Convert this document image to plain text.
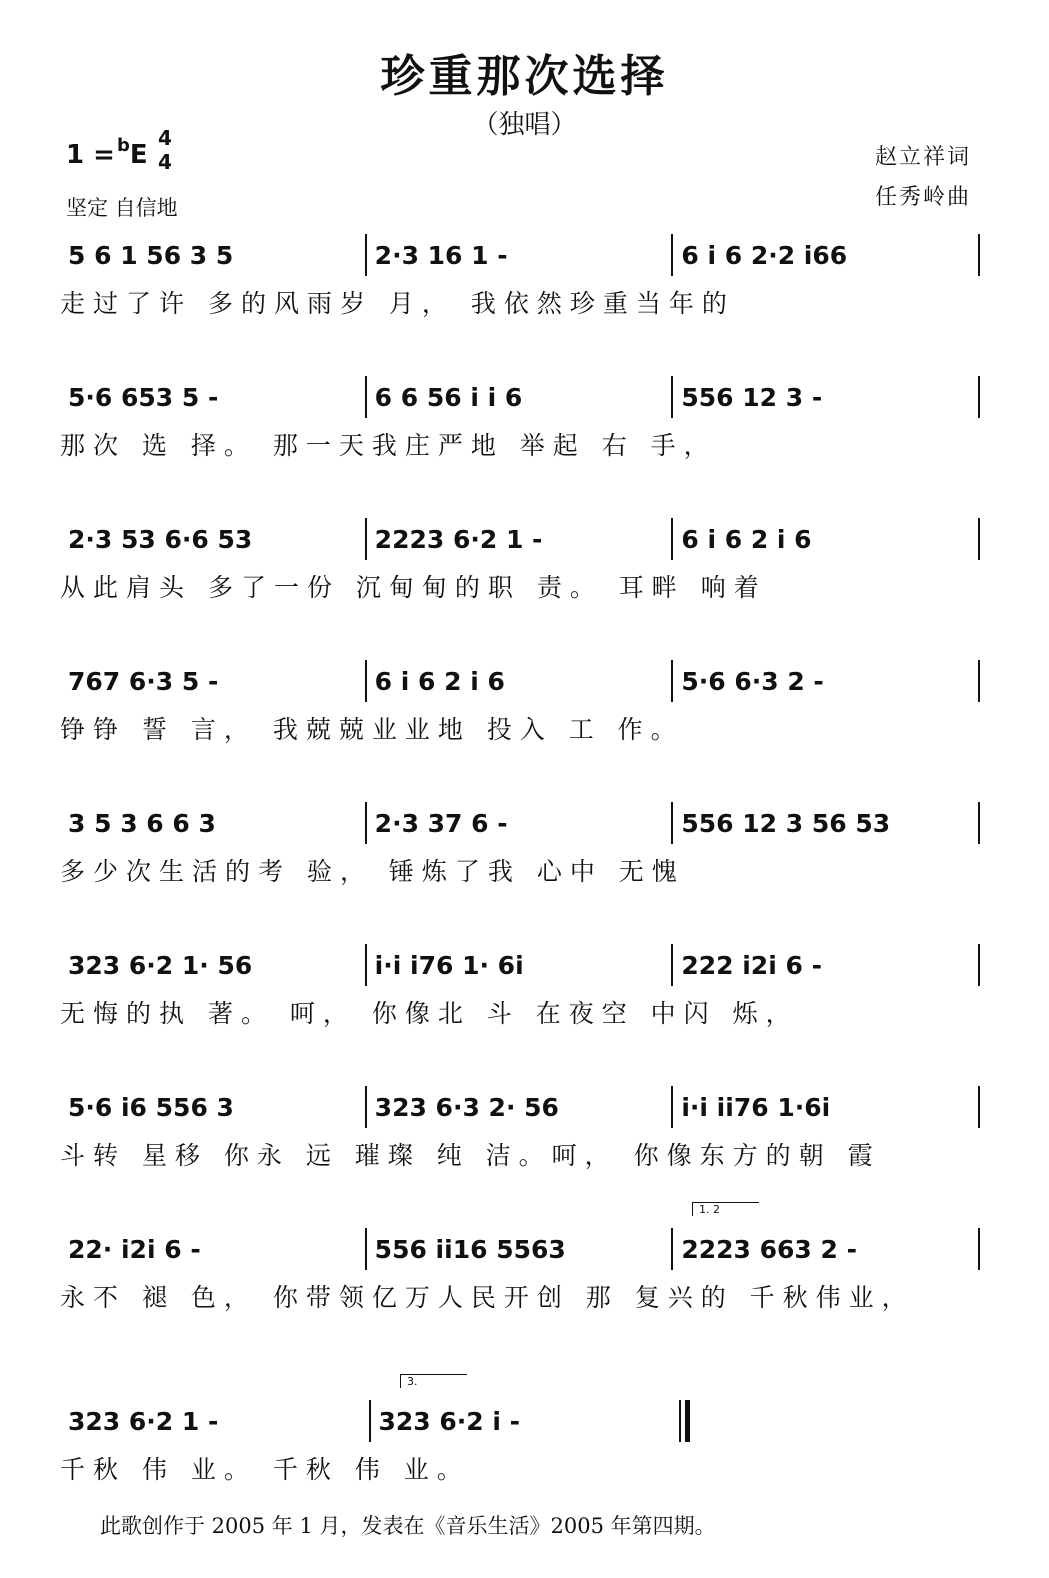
珍重那次选择
（独唱）
1 = $^b$E
4
4
坚定 自信地
赵立祥词
任秀岭曲
5 6 1 56 3 5	2·3 16 1 -	6 i 6 2·2 i66
走过了许 多的风雨岁 月， 我依然珍重当年的
5·6 653 5 -	6 6 56 i i 6	556 12 3 -
那次 选 择。 那一天我庄严地 举起 右 手，
2·3 53 6·6 53	2223 6·2 1 -	6 i 6 2 i 6
从此肩头 多了一份 沉甸甸的职 责。 耳畔 响着
767 6·3 5 -	6 i 6 2 i 6	5·6 6·3 2 -
铮铮 誓 言， 我兢兢业业地 投入 工 作。
3 5 3 6 6 3	2·3 37 6 -	556 12 3 56 53
多少次生活的考 验， 锤炼了我 心中 无愧
323 6·2 1· 56	i·i i76 1· 6i	222 i2i 6 -
无悔的执 著。 呵， 你像北 斗 在夜空 中闪 烁，
5·6 i6 556 3	323 6·3 2· 56	i·i ii76 1·6i
斗转 星移 你永 远 璀璨 纯 洁。呵， 你像东方的朝 霞
22· i2i 6 -	556 ii16 5563	2223 663 2 -
1. 2
永不 褪 色， 你带领亿万人民开创 那 复兴的 千秋伟业，
323 6·2 1 -	323 6·2 i -
3.
千秋 伟 业。 千秋 伟 业。
此歌创作于 2005 年 1 月，发表在《音乐生活》2005 年第四期。
